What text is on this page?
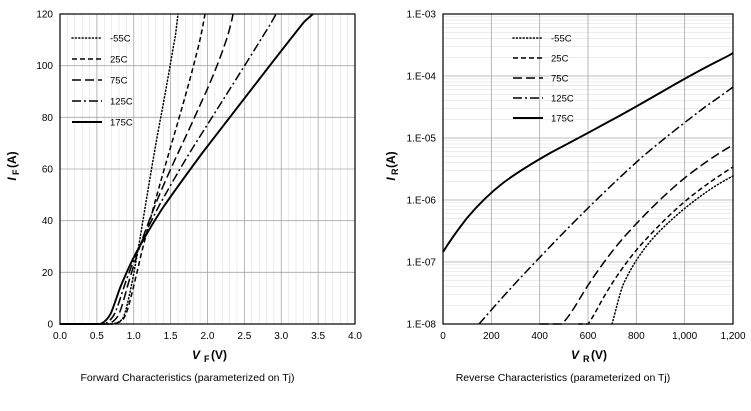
-55C
25C
75C
125C
175C
120
100
80
60
40
20
0
0.0 0.5 1.0 1.5 2.0 2.5 3.0 3.5 4.0
V F (V)
I
F
(A)
Forward Characteristics (parameterized on Tj)
-55C
25C
75C
125C
175C
1.E-03
1.E-04
1.E-05
1.E-06
1.E-07
1.E-08
0	200	400	600	800	1,000 1,200
V R (V)
I
R
(A)
Reverse Characteristics (parameterized on Tj)
